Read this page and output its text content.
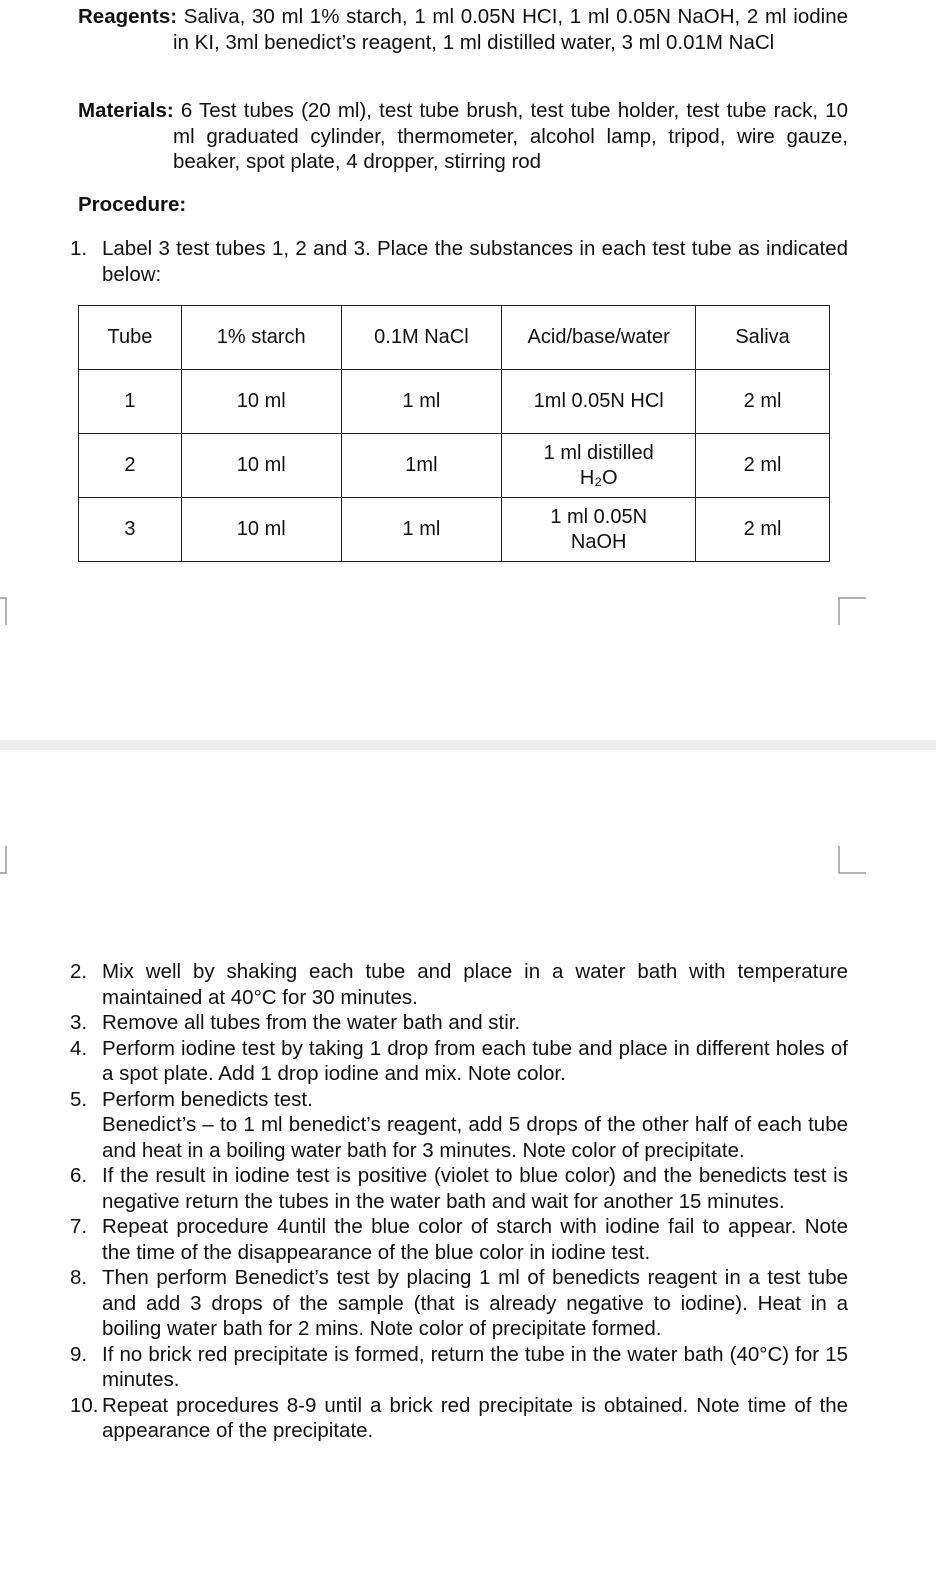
Reagents: Saliva, 30 ml 1% starch, 1 ml 0.05N HCI, 1 ml 0.05N NaOH, 2 ml iodine in KI, 3ml benedict’s reagent, 1 ml distilled water, 3 ml 0.01M NaCl
Materials: 6 Test tubes (20 ml), test tube brush, test tube holder, test tube rack, 10 ml graduated cylinder, thermometer, alcohol lamp, tripod, wire gauze, beaker, spot plate, 4 dropper, stirring rod
Procedure:
1. Label 3 test tubes 1, 2 and 3. Place the substances in each test tube as indicated below:
Tube	1% starch	0.1M NaCl	Acid/base/water	Saliva
1	10 ml	1 ml	1ml 0.05N HCl	2 ml
2	10 ml	1ml	1 ml distilled H₂O	2 ml
3	10 ml	1 ml	1 ml 0.05N NaOH	2 ml
2. Mix well by shaking each tube and place in a water bath with temperature maintained at 40°C for 30 minutes.
3. Remove all tubes from the water bath and stir.
4. Perform iodine test by taking 1 drop from each tube and place in different holes of a spot plate. Add 1 drop iodine and mix. Note color.
5. Perform benedicts test.
Benedict’s – to 1 ml benedict’s reagent, add 5 drops of the other half of each tube and heat in a boiling water bath for 3 minutes. Note color of precipitate.
6. If the result in iodine test is positive (violet to blue color) and the benedicts test is negative return the tubes in the water bath and wait for another 15 minutes.
7. Repeat procedure 4until the blue color of starch with iodine fail to appear. Note the time of the disappearance of the blue color in iodine test.
8. Then perform Benedict’s test by placing 1 ml of benedicts reagent in a test tube and add 3 drops of the sample (that is already negative to iodine). Heat in a boiling water bath for 2 mins. Note color of precipitate formed.
9. If no brick red precipitate is formed, return the tube in the water bath (40°C) for 15 minutes.
10. Repeat procedures 8-9 until a brick red precipitate is obtained. Note time of the appearance of the precipitate.
